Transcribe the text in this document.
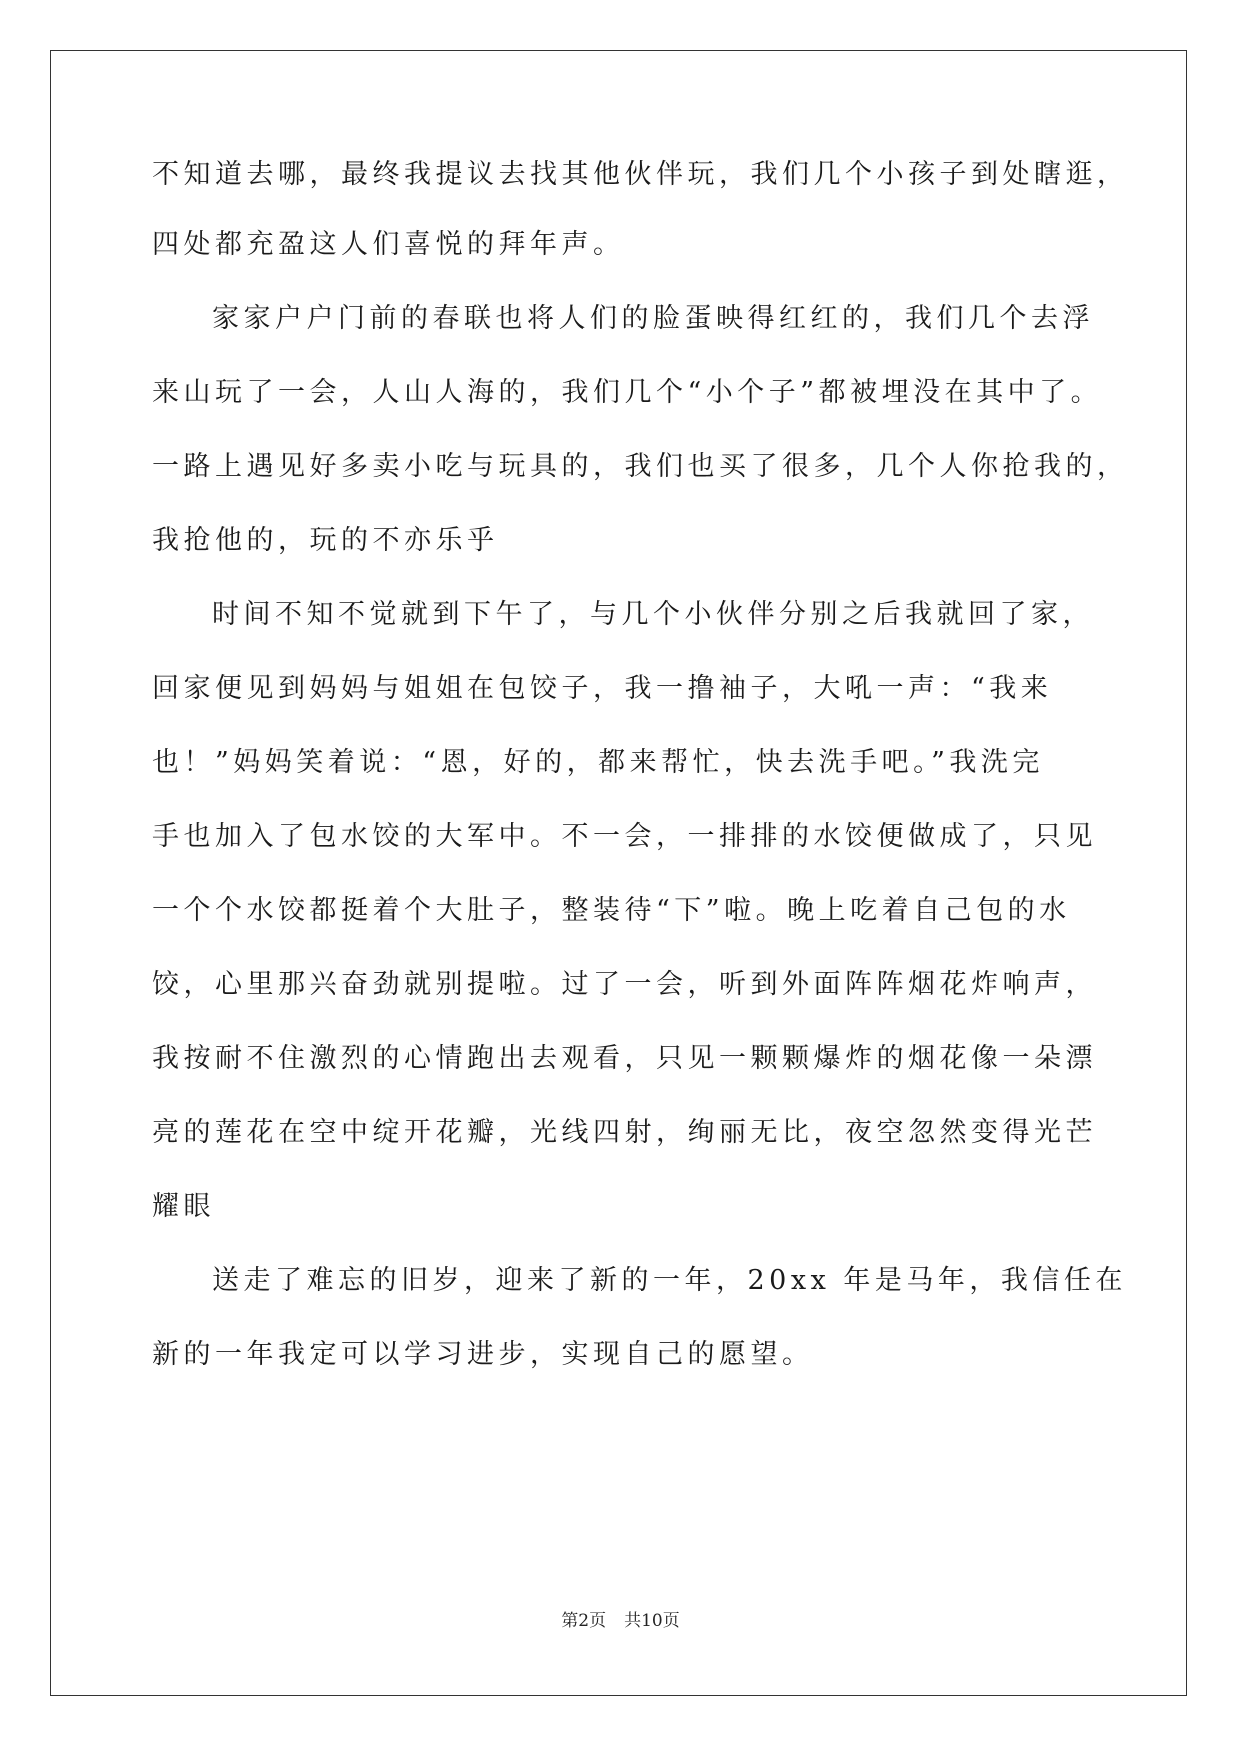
不知道去哪，最终我提议去找其他伙伴玩，我们几个小孩子到处瞎逛，
四处都充盈这人们喜悦的拜年声。
家家户户门前的春联也将人们的脸蛋映得红红的，我们几个去浮
来山玩了一会，人山人海的，我们几个“小个子”都被埋没在其中了。
一路上遇见好多卖小吃与玩具的，我们也买了很多，几个人你抢我的，
我抢他的，玩的不亦乐乎
时间不知不觉就到下午了，与几个小伙伴分别之后我就回了家，
回家便见到妈妈与姐姐在包饺子，我一撸袖子，大吼一声：“我来
也！”妈妈笑着说：“恩，好的，都来帮忙，快去洗手吧。”我洗完
手也加入了包水饺的大军中。不一会，一排排的水饺便做成了，只见
一个个水饺都挺着个大肚子，整装待“下”啦。晚上吃着自己包的水
饺，心里那兴奋劲就别提啦。过了一会，听到外面阵阵烟花炸响声，
我按耐不住激烈的心情跑出去观看，只见一颗颗爆炸的烟花像一朵漂
亮的莲花在空中绽开花瓣，光线四射，绚丽无比，夜空忽然变得光芒
耀眼
送走了难忘的旧岁，迎来了新的一年，20xx 年是马年，我信任在
新的一年我定可以学习进步，实现自己的愿望。
第2页 共10页
